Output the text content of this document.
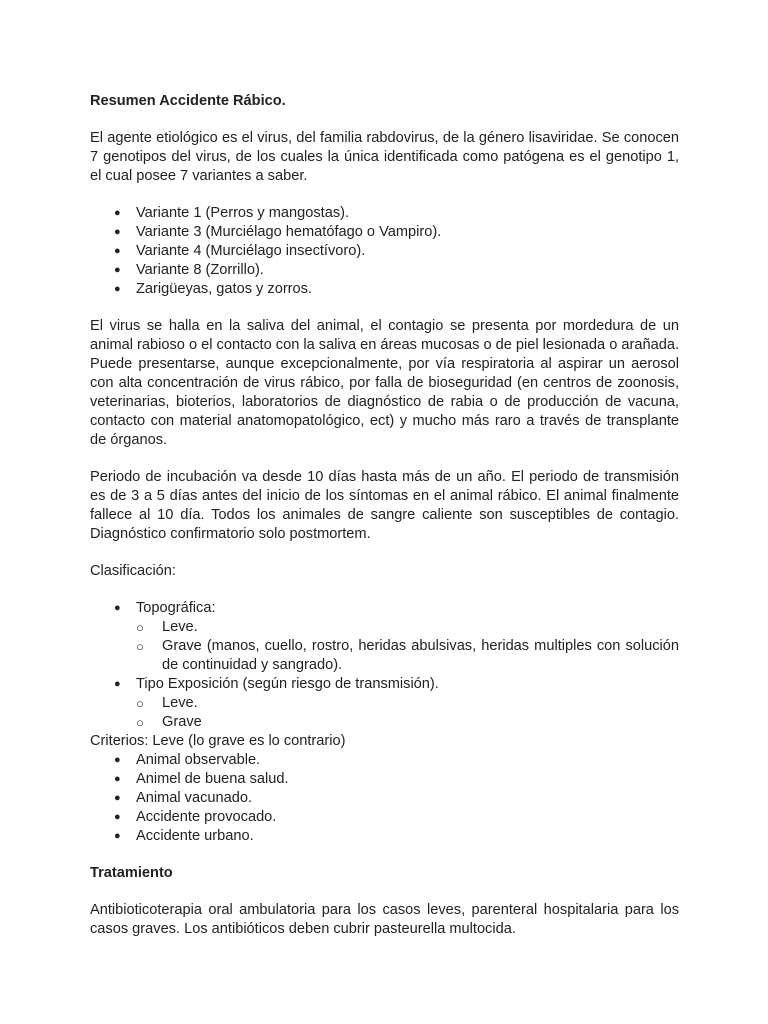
Resumen Accidente Rábico.

El agente etiológico es el virus, del familia rabdovirus, de la género lisaviridae. Se conocen 7 genotipos del virus, de los cuales la única identificada como patógena es el genotipo 1, el cual posee 7 variantes a saber.

● Variante 1 (Perros y mangostas).
● Variante 3 (Murciélago hematófago o Vampiro).
● Variante 4 (Murciélago insectívoro).
● Variante 8 (Zorrillo).
● Zarigüeyas, gatos y zorros.

El virus se halla en la saliva del animal, el contagio se presenta por mordedura de un animal rabioso o el contacto con la saliva en áreas mucosas o de piel lesionada o arañada. Puede presentarse, aunque excepcionalmente, por vía respiratoria al aspirar un aerosol con alta concentración de virus rábico, por falla de bioseguridad (en centros de zoonosis, veterinarias, bioterios, laboratorios de diagnóstico de rabia o de producción de vacuna, contacto con material anatomopatológico, ect) y mucho más raro a través de transplante de órganos.

Periodo de incubación va desde 10 días hasta más de un año. El periodo de transmisión es de 3 a 5 días antes del inicio de los síntomas en el animal rábico. El animal finalmente fallece al 10 día. Todos los animales de sangre caliente son susceptibles de contagio. Diagnóstico confirmatorio solo postmortem.

Clasificación:

● Topográfica:
○ Leve.
○ Grave (manos, cuello, rostro, heridas abulsivas, heridas multiples con solución de continuidad y sangrado).
● Tipo Exposición (según riesgo de transmisión).
○ Leve.
○ Grave
Criterios: Leve (lo grave es lo contrario)
● Animal observable.
● Animel de buena salud.
● Animal vacunado.
● Accidente provocado.
● Accidente urbano.
Tratamiento

Antibioticoterapia oral ambulatoria para los casos leves, parenteral hospitalaria para los casos graves. Los antibióticos deben cubrir pasteurella multocida.
